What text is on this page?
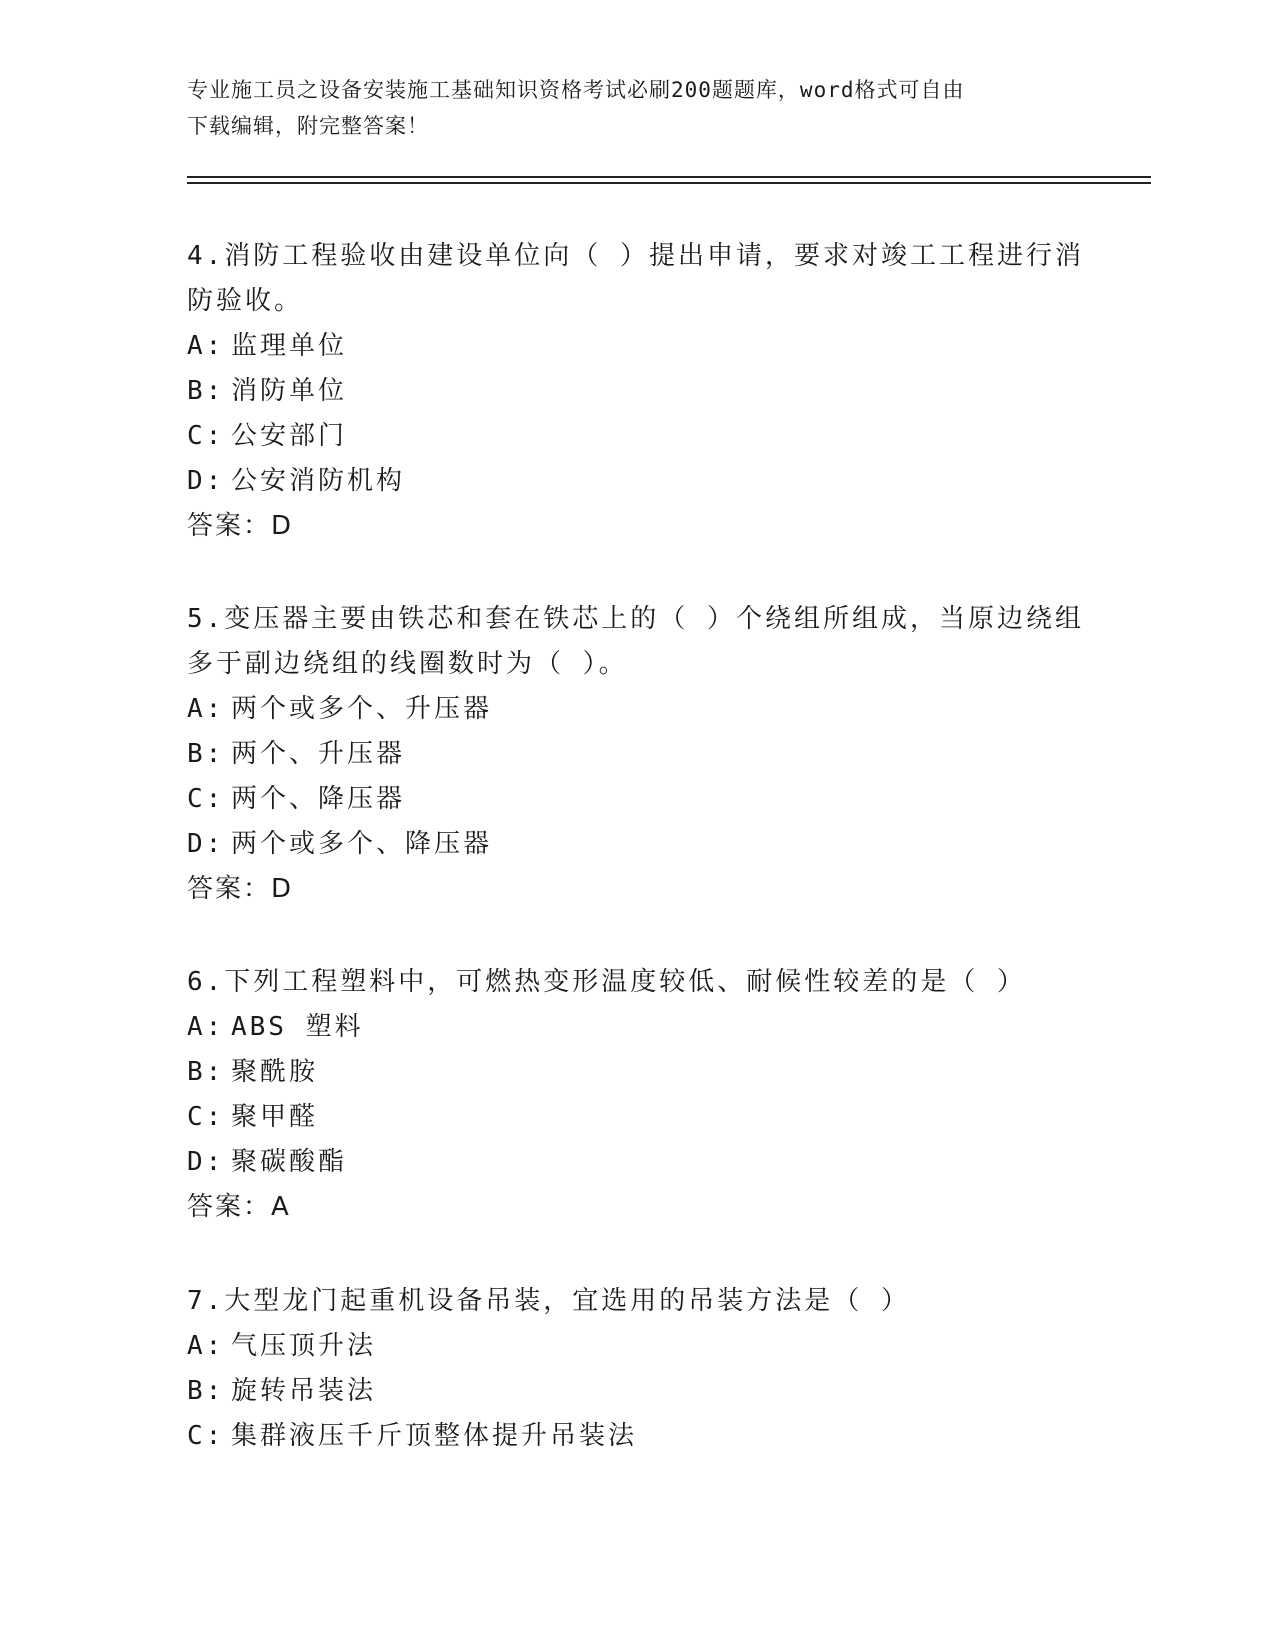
专业施工员之设备安装施工基础知识资格考试必刷200题题库，word格式可自由
下载编辑，附完整答案！

4.消防工程验收由建设单位向（ ）提出申请，要求对竣工工程进行消

防验收。

A: 监理单位

B: 消防单位

C: 公安部门

D: 公安消防机构

答案：D

5.变压器主要由铁芯和套在铁芯上的（ ）个绕组所组成，当原边绕组

多于副边绕组的线圈数时为（ ）。

A: 两个或多个、升压器

B: 两个、升压器

C: 两个、降压器

D: 两个或多个、降压器

答案：D

6.下列工程塑料中，可燃热变形温度较低、耐候性较差的是（ ）

A: ABS 塑料

B: 聚酰胺

C: 聚甲醛

D: 聚碳酸酯

答案：A

7.大型龙门起重机设备吊装，宜选用的吊装方法是（ ）

A: 气压顶升法

B: 旋转吊装法

C: 集群液压千斤顶整体提升吊装法
